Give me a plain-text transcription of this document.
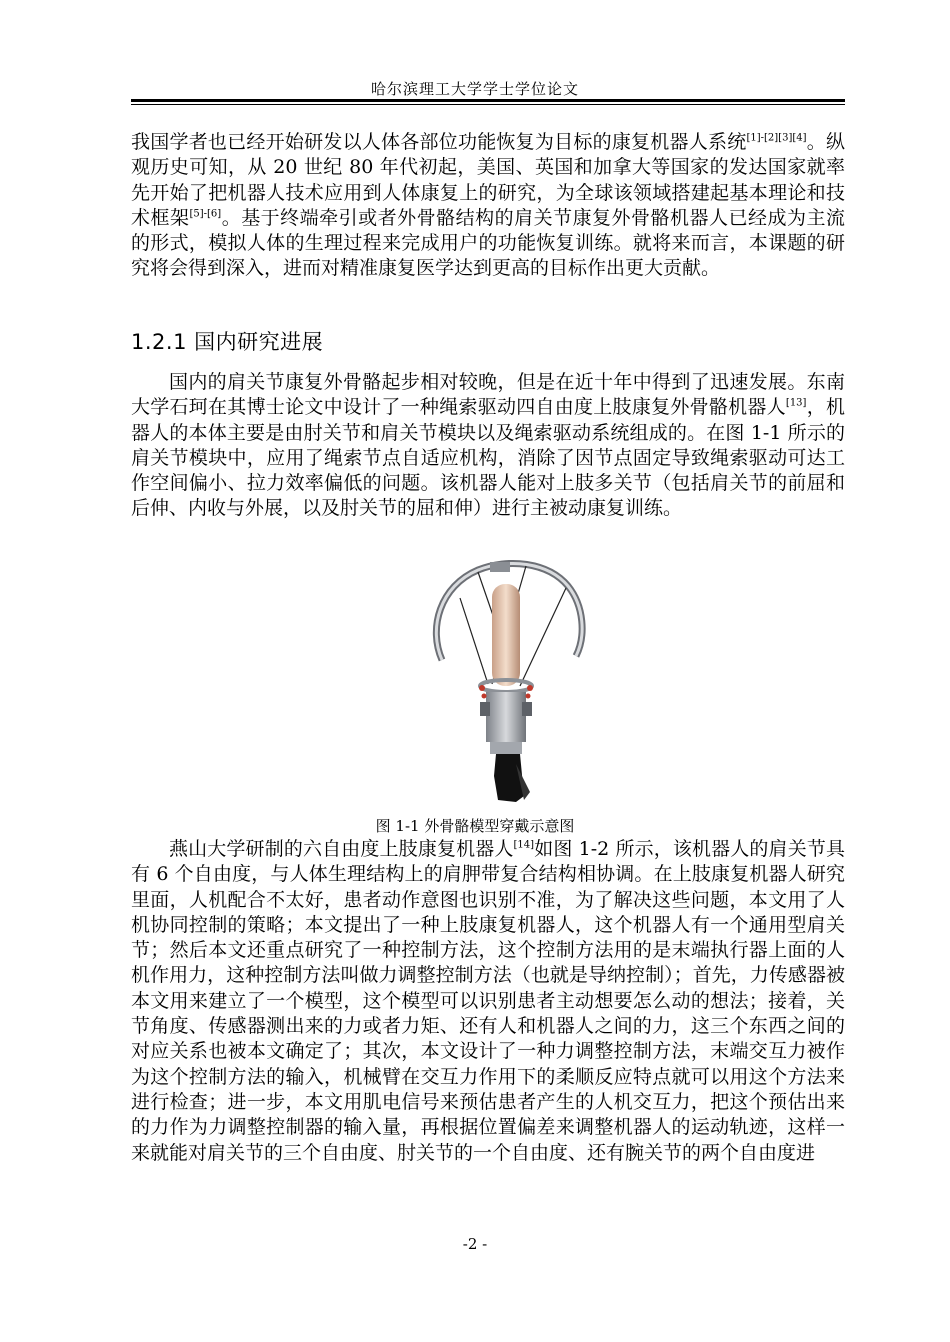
哈尔滨理工大学学士学位论文

我国学者也已经开始研发以人体各部位功能恢复为目标的康复机器人系统[1]-[2][3][4]。纵观历史可知，从 20 世纪 80 年代初起，美国、英国和加拿大等国家的发达国家就率先开始了把机器人技术应用到人体康复上的研究，为全球该领域搭建起基本理论和技术框架[5]-[6]。基于终端牵引或者外骨骼结构的肩关节康复外骨骼机器人已经成为主流的形式，模拟人体的生理过程来完成用户的功能恢复训练。就将来而言，本课题的研究将会得到深入，进而对精准康复医学达到更高的目标作出更大贡献。

1.2.1 国内研究进展

国内的肩关节康复外骨骼起步相对较晚，但是在近十年中得到了迅速发展。东南大学石珂在其博士论文中设计了一种绳索驱动四自由度上肢康复外骨骼机器人[13]，机器人的本体主要是由肘关节和肩关节模块以及绳索驱动系统组成的。在图 1-1 所示的肩关节模块中，应用了绳索节点自适应机构，消除了因节点固定导致绳索驱动可达工作空间偏小、拉力效率偏低的问题。该机器人能对上肢多关节（包括肩关节的前屈和后伸、内收与外展，以及肘关节的屈和伸）进行主被动康复训练。

图 1-1 外骨骼模型穿戴示意图

燕山大学研制的六自由度上肢康复机器人[14]如图 1-2 所示，该机器人的肩关节具有 6 个自由度，与人体生理结构上的肩胛带复合结构相协调。在上肢康复机器人研究里面，人机配合不太好，患者动作意图也识别不准，为了解决这些问题，本文用了人机协同控制的策略；本文提出了一种上肢康复机器人，这个机器人有一个通用型肩关节；然后本文还重点研究了一种控制方法，这个控制方法用的是末端执行器上面的人机作用力，这种控制方法叫做力调整控制方法（也就是导纳控制）；首先，力传感器被本文用来建立了一个模型，这个模型可以识别患者主动想要怎么动的想法；接着，关节角度、传感器测出来的力或者力矩、还有人和机器人之间的力，这三个东西之间的对应关系也被本文确定了；其次，本文设计了一种力调整控制方法，末端交互力被作为这个控制方法的输入，机械臂在交互力作用下的柔顺反应特点就可以用这个方法来进行检查；进一步，本文用肌电信号来预估患者产生的人机交互力，把这个预估出来的力作为力调整控制器的输入量，再根据位置偏差来调整机器人的运动轨迹，这样一来就能对肩关节的三个自由度、肘关节的一个自由度、还有腕关节的两个自由度进

-2 -
